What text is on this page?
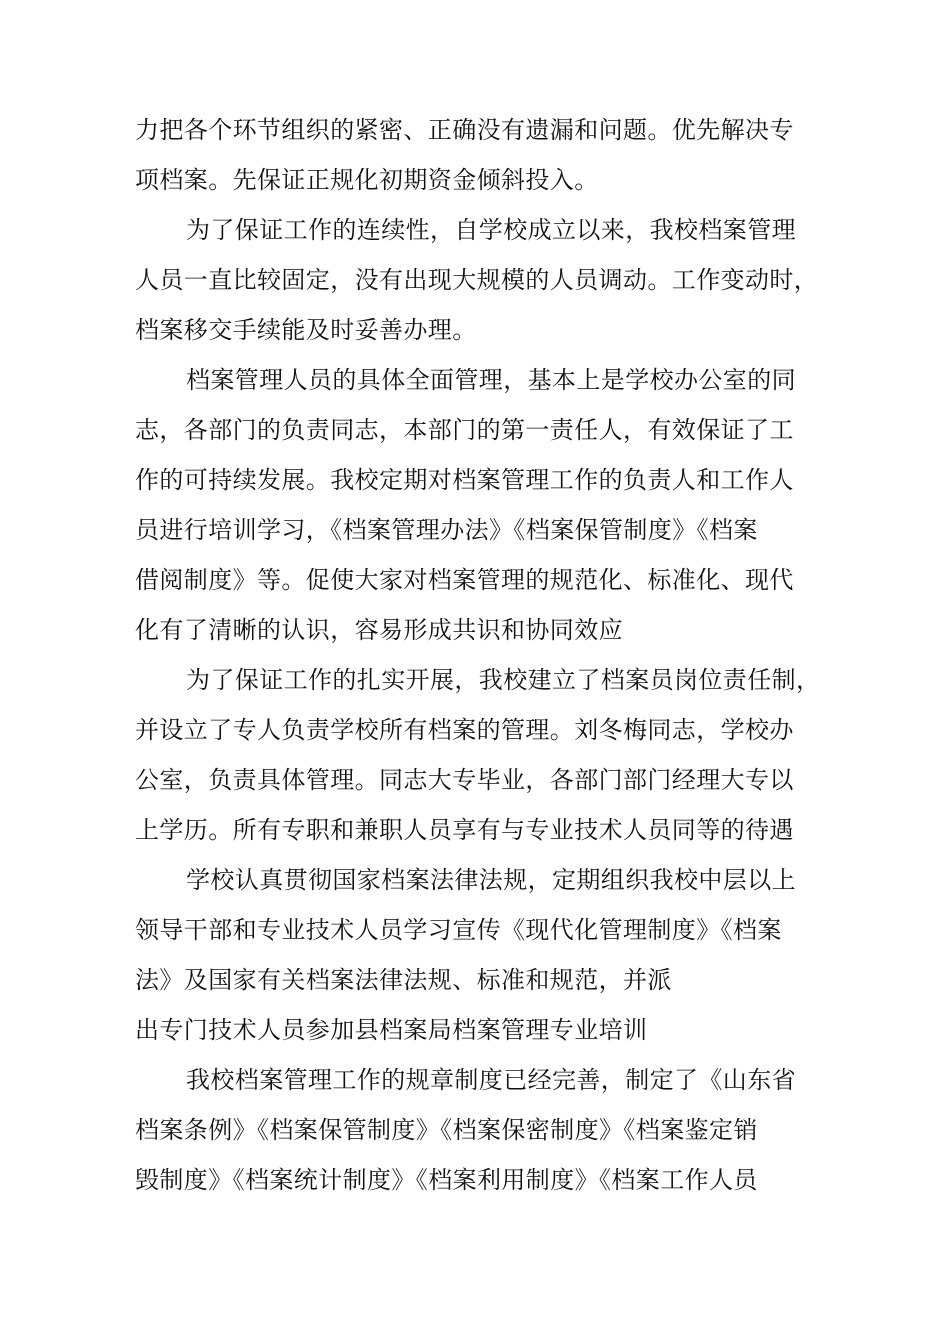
力把各个环节组织的紧密、正确没有遗漏和问题。优先解决专
项档案。先保证正规化初期资金倾斜投入。
为了保证工作的连续性，自学校成立以来，我校档案管理
人员一直比较固定，没有出现大规模的人员调动。工作变动时，
档案移交手续能及时妥善办理。
档案管理人员的具体全面管理，基本上是学校办公室的同
志，各部门的负责同志，本部门的第一责任人，有效保证了工
作的可持续发展。我校定期对档案管理工作的负责人和工作人
员进行培训学习，《档案管理办法》《档案保管制度》《档案
借阅制度》等。促使大家对档案管理的规范化、标准化、现代
化有了清晰的认识，容易形成共识和协同效应
为了保证工作的扎实开展，我校建立了档案员岗位责任制，
并设立了专人负责学校所有档案的管理。刘冬梅同志，学校办
公室，负责具体管理。同志大专毕业，各部门部门经理大专以
上学历。所有专职和兼职人员享有与专业技术人员同等的待遇
学校认真贯彻国家档案法律法规，定期组织我校中层以上
领导干部和专业技术人员学习宣传《现代化管理制度》《档案
法》及国家有关档案法律法规、标准和规范，并派
出专门技术人员参加县档案局档案管理专业培训
我校档案管理工作的规章制度已经完善，制定了《山东省
档案条例》《档案保管制度》《档案保密制度》《档案鉴定销
毁制度》《档案统计制度》《档案利用制度》《档案工作人员
